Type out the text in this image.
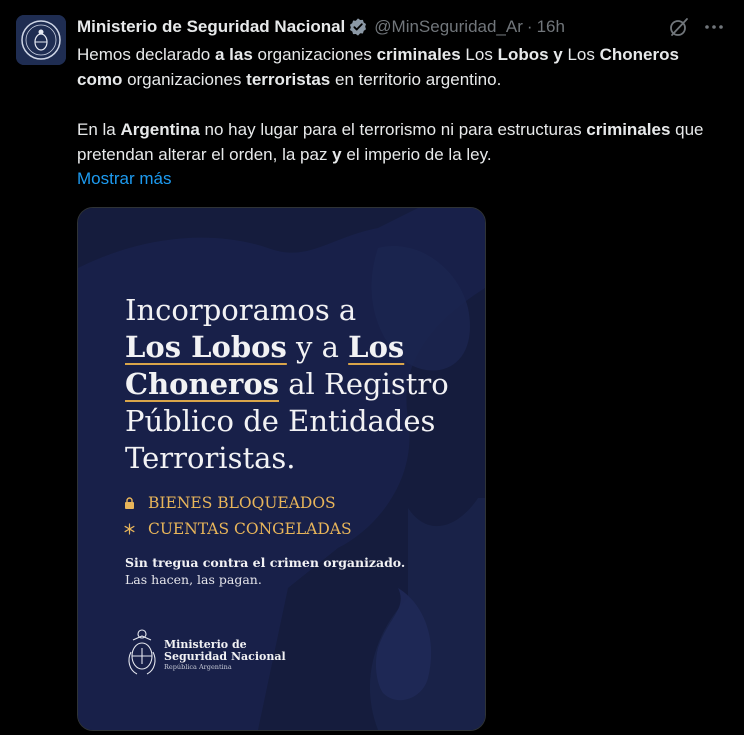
Ministerio de Seguridad Nacional @MinSeguridad_Ar · 16h

Hemos declarado a las organizaciones criminales Los Lobos y Los Choneros como organizaciones terroristas en territorio argentino.

En la Argentina no hay lugar para el terrorismo ni para estructuras criminales que pretendan alterar el orden, la paz y el imperio de la ley.

Mostrar más
Incorporamos a
Los Lobos y a Los
Choneros al Registro
Público de Entidades
Terroristas.
BIENES BLOQUEADOS
CUENTAS CONGELADAS
Sin tregua contra el crimen organizado.
Las hacen, las pagan.
Ministerio de
Seguridad Nacional
República Argentina
